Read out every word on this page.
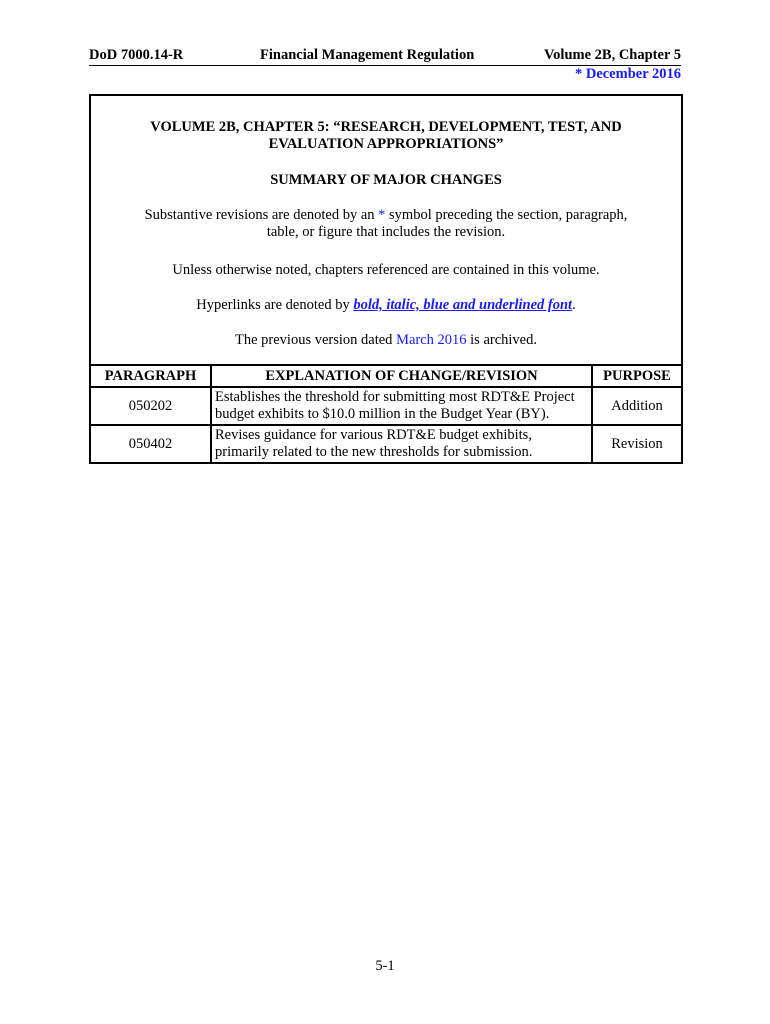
DoD 7000.14-R	Financial Management Regulation	Volume 2B, Chapter 5
* December 2016
VOLUME 2B, CHAPTER 5: “RESEARCH, DEVELOPMENT, TEST, AND
EVALUATION APPROPRIATIONS”
SUMMARY OF MAJOR CHANGES
Substantive revisions are denoted by an * symbol preceding the section, paragraph, table, or figure that includes the revision.
Unless otherwise noted, chapters referenced are contained in this volume.
Hyperlinks are denoted by bold, italic, blue and underlined font.
The previous version dated March 2016 is archived.
PARAGRAPH	EXPLANATION OF CHANGE/REVISION	PURPOSE
050202	Establishes the threshold for submitting most RDT&E Project budget exhibits to $10.0 million in the Budget Year (BY).	Addition
050402	Revises guidance for various RDT&E budget exhibits, primarily related to the new thresholds for submission.	Revision
5-1
